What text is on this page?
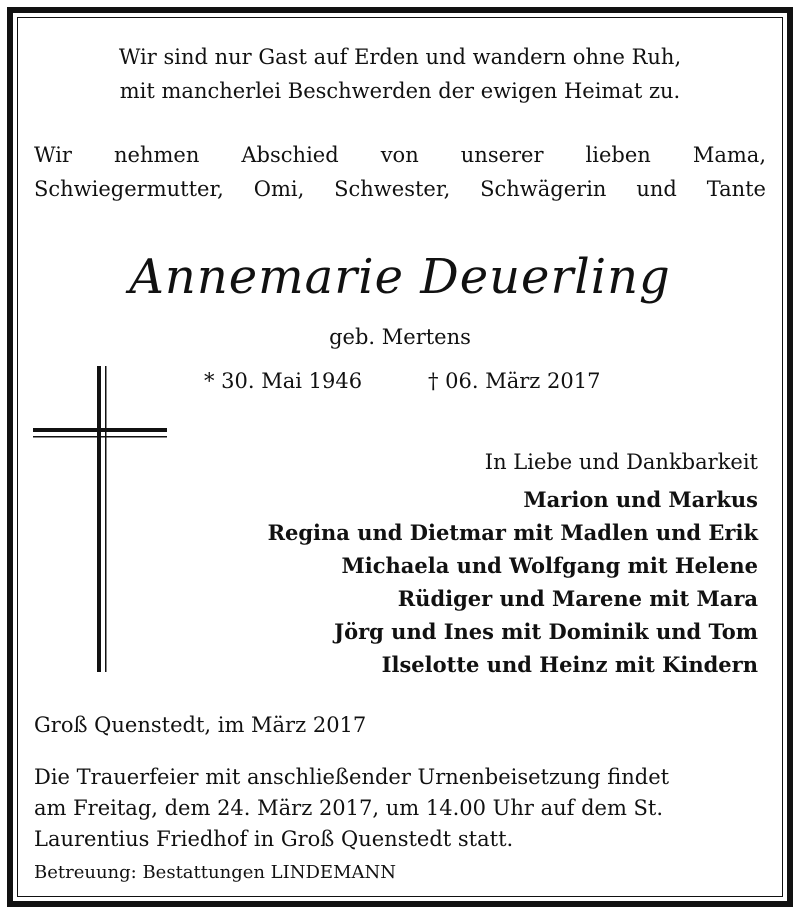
Wir sind nur Gast auf Erden und wandern ohne Ruh,
mit mancherlei Beschwerden der ewigen Heimat zu.
Wir nehmen Abschied von unserer lieben Mama,
Schwiegermutter, Omi, Schwester, Schwägerin und Tante
Annemarie Deuerling
geb. Mertens
* 30. Mai 1946	† 06. März 2017
In Liebe und Dankbarkeit
Marion und Markus
Regina und Dietmar mit Madlen und Erik
Michaela und Wolfgang mit Helene
Rüdiger und Marene mit Mara
Jörg und Ines mit Dominik und Tom
Ilselotte und Heinz mit Kindern
Groß Quenstedt, im März 2017
Die Trauerfeier mit anschließender Urnenbeisetzung findet
am Freitag, dem 24. März 2017, um 14.00 Uhr auf dem St.
Laurentius Friedhof in Groß Quenstedt statt.
Betreuung: Bestattungen LINDEMANN
